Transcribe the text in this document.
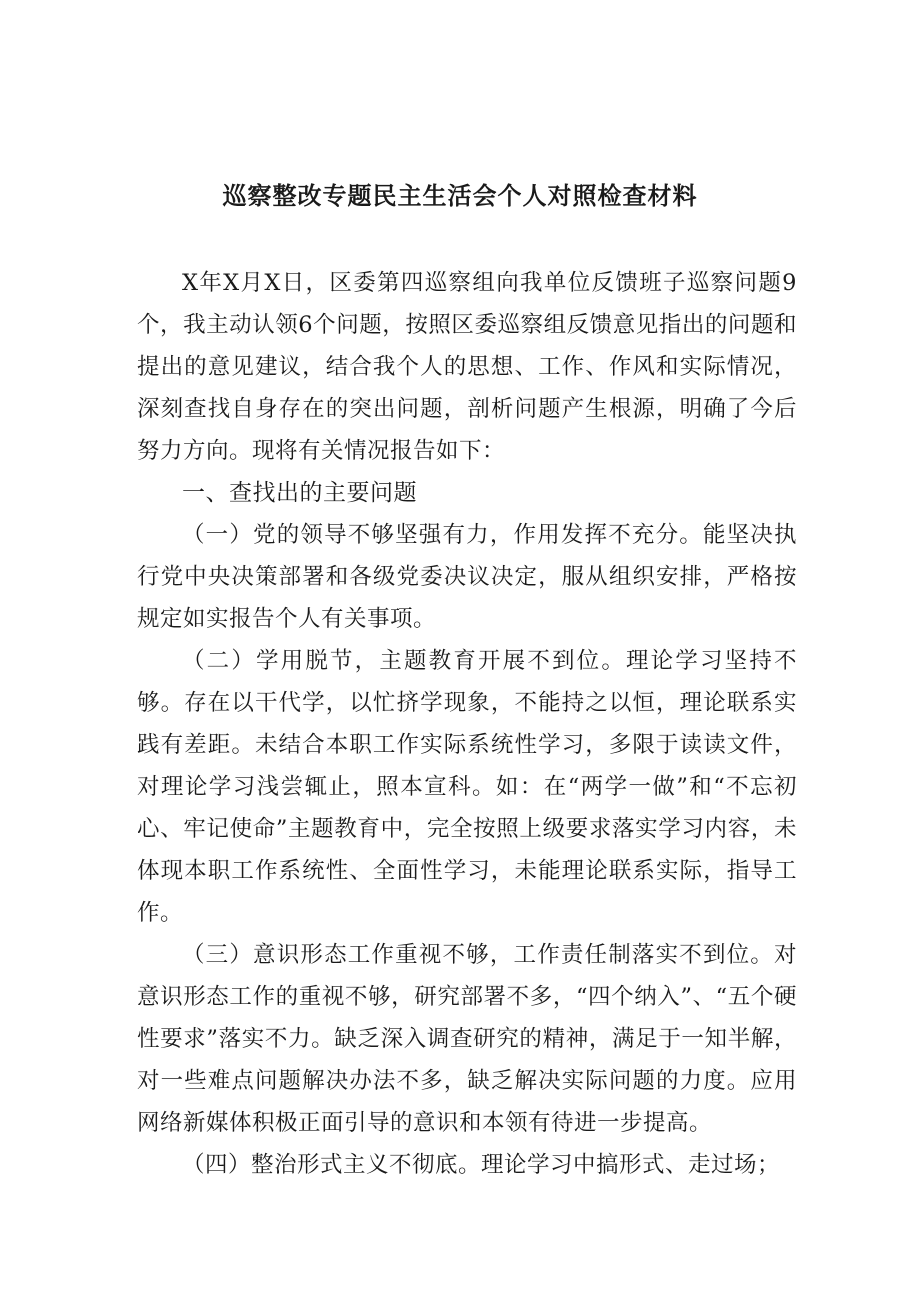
巡察整改专题民主生活会个人对照检查材料

X年X月X日，区委第四巡察组向我单位反馈班子巡察问题9个，我主动认领6个问题，按照区委巡察组反馈意见指出的问题和提出的意见建议，结合我个人的思想、工作、作风和实际情况，深刻查找自身存在的突出问题，剖析问题产生根源，明确了今后努力方向。现将有关情况报告如下：

一、查找出的主要问题

（一）党的领导不够坚强有力，作用发挥不充分。能坚决执行党中央决策部署和各级党委决议决定，服从组织安排，严格按规定如实报告个人有关事项。

（二）学用脱节，主题教育开展不到位。理论学习坚持不够。存在以干代学，以忙挤学现象，不能持之以恒，理论联系实践有差距。未结合本职工作实际系统性学习，多限于读读文件，对理论学习浅尝辄止，照本宣科。如：在“两学一做”和“不忘初心、牢记使命”主题教育中，完全按照上级要求落实学习内容，未体现本职工作系统性、全面性学习，未能理论联系实际，指导工作。

（三）意识形态工作重视不够，工作责任制落实不到位。对意识形态工作的重视不够，研究部署不多，“四个纳入”、“五个硬性要求”落实不力。缺乏深入调查研究的精神，满足于一知半解，对一些难点问题解决办法不多，缺乏解决实际问题的力度。应用网络新媒体积极正面引导的意识和本领有待进一步提高。

（四）整治形式主义不彻底。理论学习中搞形式、走过场；
